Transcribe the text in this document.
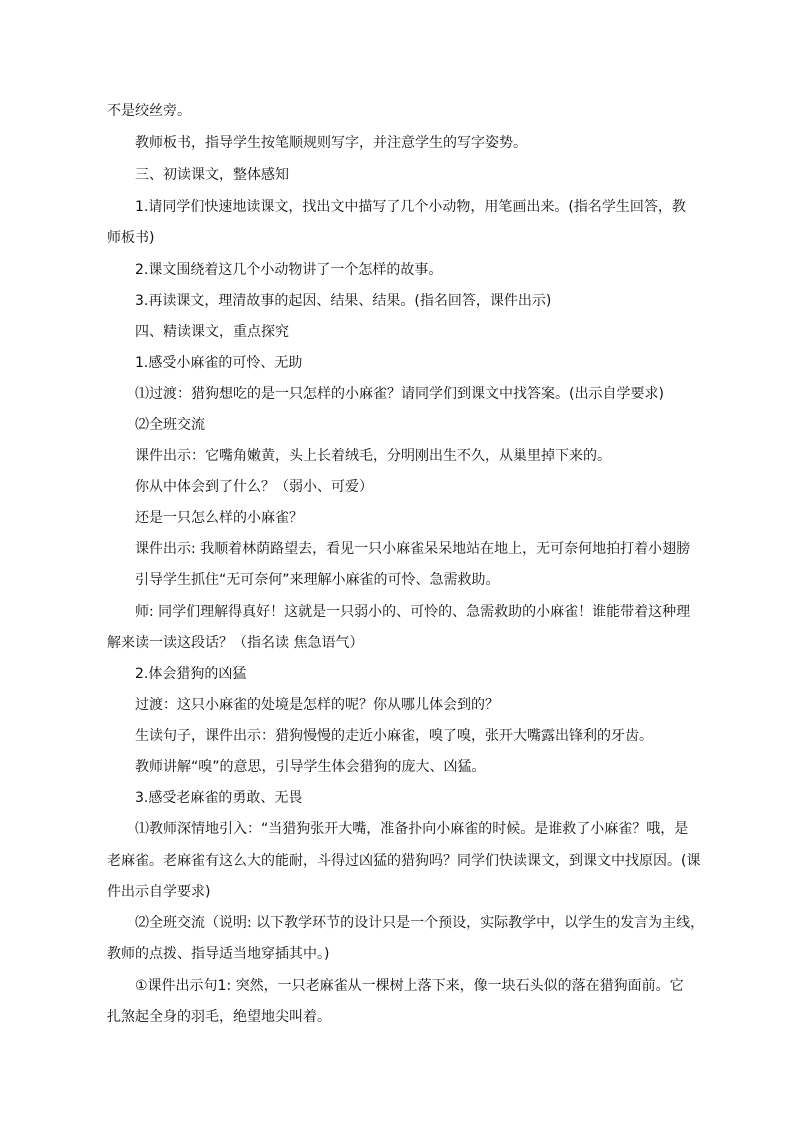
不是绞丝旁。
教师板书，指导学生按笔顺规则写字，并注意学生的写字姿势。
三、初读课文，整体感知
1.请同学们快速地读课文，找出文中描写了几个小动物，用笔画出来。(指名学生回答，教
师板书)
2.课文围绕着这几个小动物讲了一个怎样的故事。
3.再读课文，理清故事的起因、结果、结果。(指名回答，课件出示)
四、精读课文，重点探究
1.感受小麻雀的可怜、无助
⑴过渡：猎狗想吃的是一只怎样的小麻雀？请同学们到课文中找答案。(出示自学要求)
⑵全班交流
课件出示：它嘴角嫩黄，头上长着绒毛，分明刚出生不久，从巢里掉下来的。
你从中体会到了什么？（弱小、可爱）
还是一只怎么样的小麻雀？
课件出示: 我顺着林荫路望去，看见一只小麻雀呆呆地站在地上，无可奈何地拍打着小翅膀
引导学生抓住“无可奈何”来理解小麻雀的可怜、急需救助。
师: 同学们理解得真好！这就是一只弱小的、可怜的、急需救助的小麻雀！谁能带着这种理
解来读一读这段话？（指名读 焦急语气）
2.体会猎狗的凶猛
过渡：这只小麻雀的处境是怎样的呢？你从哪儿体会到的？
生读句子，课件出示：猎狗慢慢的走近小麻雀，嗅了嗅，张开大嘴露出锋利的牙齿。
教师讲解“嗅”的意思，引导学生体会猎狗的庞大、凶猛。
3.感受老麻雀的勇敢、无畏
⑴教师深情地引入：“当猎狗张开大嘴，准备扑向小麻雀的时候。是谁救了小麻雀？哦，是
老麻雀。老麻雀有这么大的能耐，斗得过凶猛的猎狗吗？同学们快读课文，到课文中找原因。(课
件出示自学要求)
⑵全班交流（说明: 以下教学环节的设计只是一个预设，实际教学中，以学生的发言为主线，
教师的点拨、指导适当地穿插其中。)
①课件出示句1: 突然，一只老麻雀从一棵树上落下来，像一块石头似的落在猎狗面前。它
扎煞起全身的羽毛，绝望地尖叫着。
